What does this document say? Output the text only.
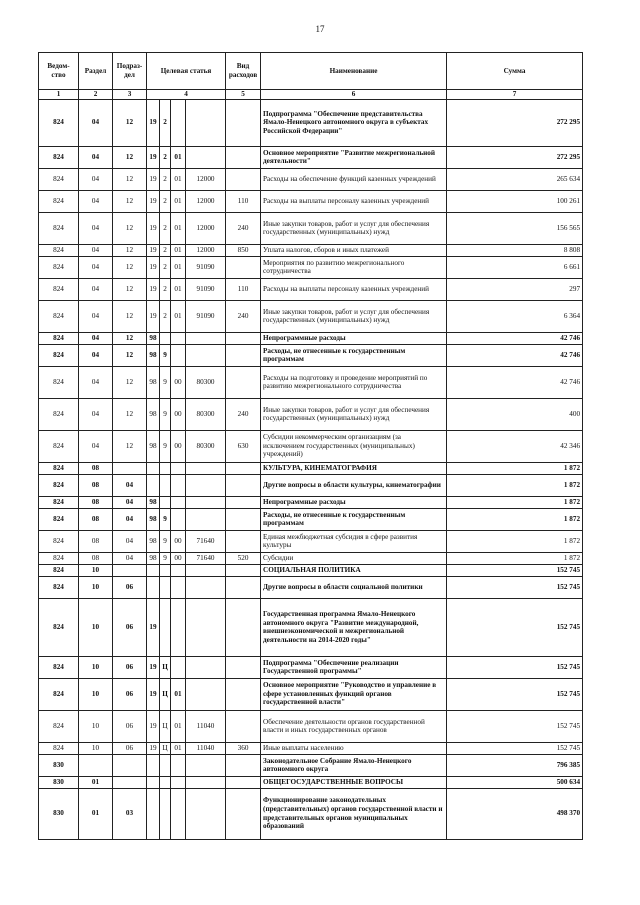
17
Ведом-ство	Раздел	Подраз-дел	Целевая статья				Вид расходов	Наименование	Сумма
1	2	3	4				5	6	7
824	04	12	19	2				Подпрограмма "Обеспечение представительства Ямало-Ненецкого автономного округа в субъектах Российской Федерации"	272 295
824	04	12	19	2	01			Основное мероприятие "Развитие межрегиональной деятельности"	272 295
824	04	12	19	2	01	12000		Расходы на обеспечение функций казенных учреждений	265 634
824	04	12	19	2	01	12000	110	Расходы на выплаты персоналу казенных учреждений	100 261
824	04	12	19	2	01	12000	240	Иные закупки товаров, работ и услуг для обеспечения государственных (муниципальных) нужд	156 565
824	04	12	19	2	01	12000	850	Уплата налогов, сборов и иных платежей	8 808
824	04	12	19	2	01	91090		Мероприятия по развитию межрегионального сотрудничества	6 661
824	04	12	19	2	01	91090	110	Расходы на выплаты персоналу казенных учреждений	297
824	04	12	19	2	01	91090	240	Иные закупки товаров, работ и услуг для обеспечения государственных (муниципальных) нужд	6 364
824	04	12	98					Непрограммные расходы	42 746
824	04	12	98	9				Расходы, не отнесенные к государственным программам	42 746
824	04	12	98	9	00	80300		Расходы на подготовку и проведение мероприятий по развитию межрегионального сотрудничества	42 746
824	04	12	98	9	00	80300	240	Иные закупки товаров, работ и услуг для обеспечения государственных (муниципальных) нужд	400
824	04	12	98	9	00	80300	630	Субсидии некоммерческим организациям (за исключением государственных (муниципальных) учреждений)	42 346
824	08							КУЛЬТУРА, КИНЕМАТОГРАФИЯ	1 872
824	08	04						Другие вопросы в области культуры, кинематографии	1 872
824	08	04	98					Непрограммные расходы	1 872
824	08	04	98	9				Расходы, не отнесенные к государственным программам	1 872
824	08	04	98	9	00	71640		Единая межбюджетная субсидия в сфере развития культуры	1 872
824	08	04	98	9	00	71640	520	Субсидии	1 872
824	10							СОЦИАЛЬНАЯ ПОЛИТИКА	152 745
824	10	06						Другие вопросы в области социальной политики	152 745
824	10	06	19					Государственная программа Ямало-Ненецкого автономного округа "Развитие международной, внешнеэкономической и межрегиональной деятельности на 2014-2020 годы"	152 745
824	10	06	19	Ц				Подпрограмма "Обеспечение реализации Государственной программы"	152 745
824	10	06	19	Ц	01			Основное мероприятие "Руководство и управление в сфере установленных функций органов государственной власти"	152 745
824	10	06	19	Ц	01	11040		Обеспечение деятельности органов государственной власти и иных государственных органов	152 745
824	10	06	19	Ц	01	11040	360	Иные выплаты населению	152 745
830								Законодательное Собрание Ямало-Ненецкого автономного округа	796 385
830	01							ОБЩЕГОСУДАРСТВЕННЫЕ ВОПРОСЫ	500 634
830	01	03						Функционирование законодательных (представительных) органов государственной власти и представительных органов муниципальных образований	498 370
